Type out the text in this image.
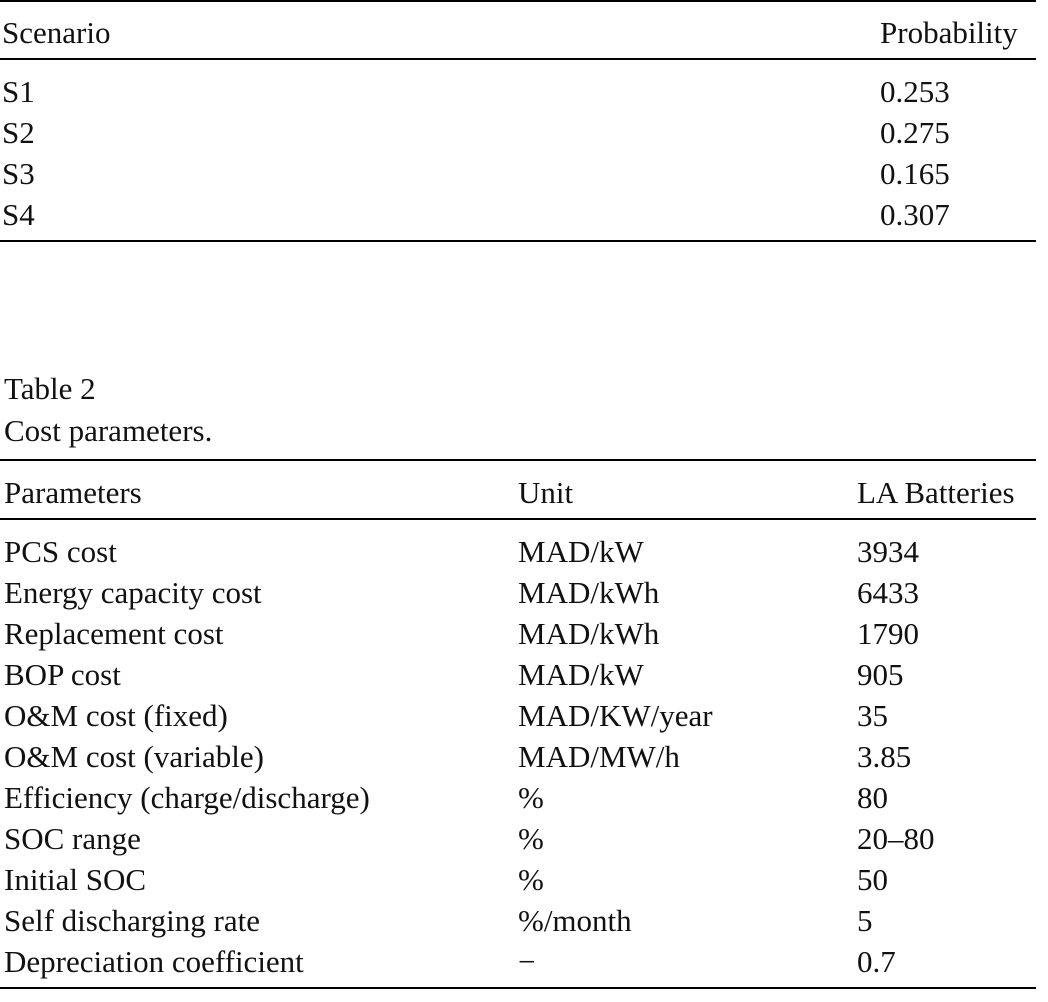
Scenario	Probability
S1	0.253
S2	0.275
S3	0.165
S4	0.307
Table 2
Cost parameters.
Parameters	Unit	LA Batteries
PCS cost	MAD/kW	3934
Energy capacity cost	MAD/kWh	6433
Replacement cost	MAD/kWh	1790
BOP cost	MAD/kW	905
O&M cost (fixed)	MAD/KW/year	35
O&M cost (variable)	MAD/MW/h	3.85
Efficiency (charge/discharge)	%	80
SOC range	%	20–80
Initial SOC	%	50
Self discharging rate	%/month	5
Depreciation coefficient	−	0.7
